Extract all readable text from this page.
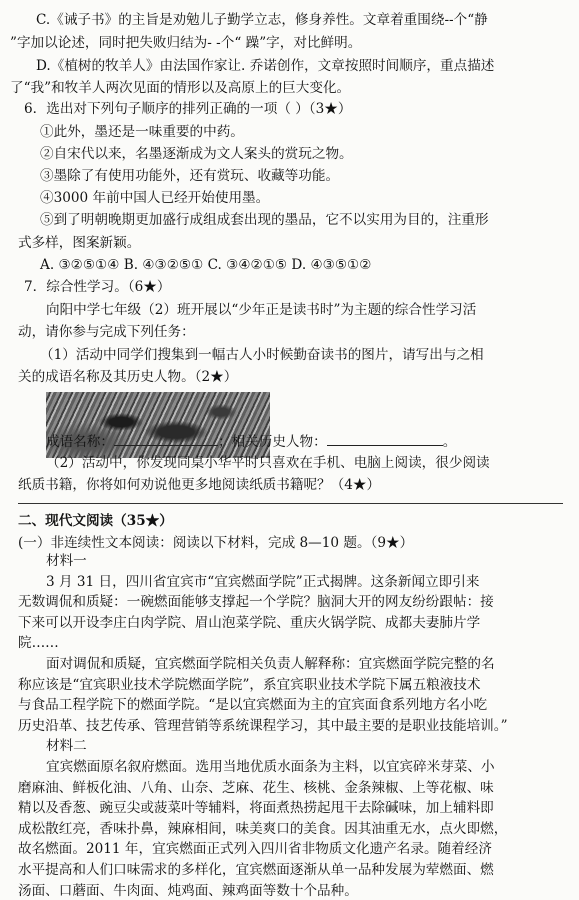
C.《诫子书》的主旨是劝勉儿子勤学立志，修身养性。文章着重围绕--个“静
”字加以论述，同时把失败归结为- -个“ 躁”字，对比鲜明。
D.《植树的牧羊人》由法国作家让. 乔诺创作，文章按照时间顺序，重点描述
了“我”和牧羊人两次见面的情形以及高原上的巨大变化。
6．选出对下列句子顺序的排列正确的一项（ ）（3★）
①此外，墨还是一味重要的中药。
②自宋代以来，名墨逐渐成为文人案头的赏玩之物。
③墨除了有使用功能外，还有赏玩、收藏等功能。
④3000 年前中国人已经开始使用墨。
⑤到了明朝晚期更加盛行成组成套出现的墨品，它不以实用为目的，注重形
式多样，图案新颖。
A. ③②⑤①④ B. ④③②⑤① C. ③④②①⑤ D. ④③⑤①②
7．综合性学习。（6★）
向阳中学七年级（2）班开展以“少年正是读书时”为主题的综合性学习活
动，请你参与完成下列任务：
（1）活动中同学们搜集到一幅古人小时候勤奋读书的图片，请写出与之相
关的成语名称及其历史人物。（2★）
成语名称：	；相关历史人物：	。
（2）活动中，你发现同桌小华平时只喜欢在手机、电脑上阅读，很少阅读
纸质书籍，你将如何劝说他更多地阅读纸质书籍呢？（4★）
二、现代文阅读（35★）
(一）非连续性文本阅读：阅读以下材料，完成 8—10 题。（9★）
材料一
3 月 31 日，四川省宜宾市“宜宾燃面学院”正式揭牌。这条新闻立即引来
无数调侃和质疑：一碗燃面能够支撑起一个学院？脑洞大开的网友纷纷跟帖：接
下来可以开设李庄白肉学院、眉山泡菜学院、重庆火锅学院、成都夫妻肺片学
院……
面对调侃和质疑，宜宾燃面学院相关负责人解释称：宜宾燃面学院完整的名
称应该是“宜宾职业技术学院燃面学院”，系宜宾职业技术学院下属五粮液技术
与食品工程学院下的燃面学院。“是以宜宾燃面为主的宜宾面食系列地方名小吃
历史沿革、技艺传承、管理营销等系统课程学习，其中最主要的是职业技能培训。”
材料二
宜宾燃面原名叙府燃面。选用当地优质水面条为主料，以宜宾碎米芽菜、小
磨麻油、鲜板化油、八角、山奈、芝麻、花生、核桃、金条辣椒、上等花椒、味
精以及香葱、豌豆尖或菠菜叶等辅料，将面煮热捞起甩干去除碱味，加上辅料即
成松散红亮，香味扑鼻，辣麻相间，味美爽口的美食。因其油重无水，点火即燃，
故名燃面。2011 年，宜宾燃面正式列入四川省非物质文化遗产名录。随着经济
水平提高和人们口味需求的多样化，宜宾燃面逐渐从单一品种发展为荤燃面、燃
汤面、口蘑面、牛肉面、炖鸡面、辣鸡面等数十个品种。
